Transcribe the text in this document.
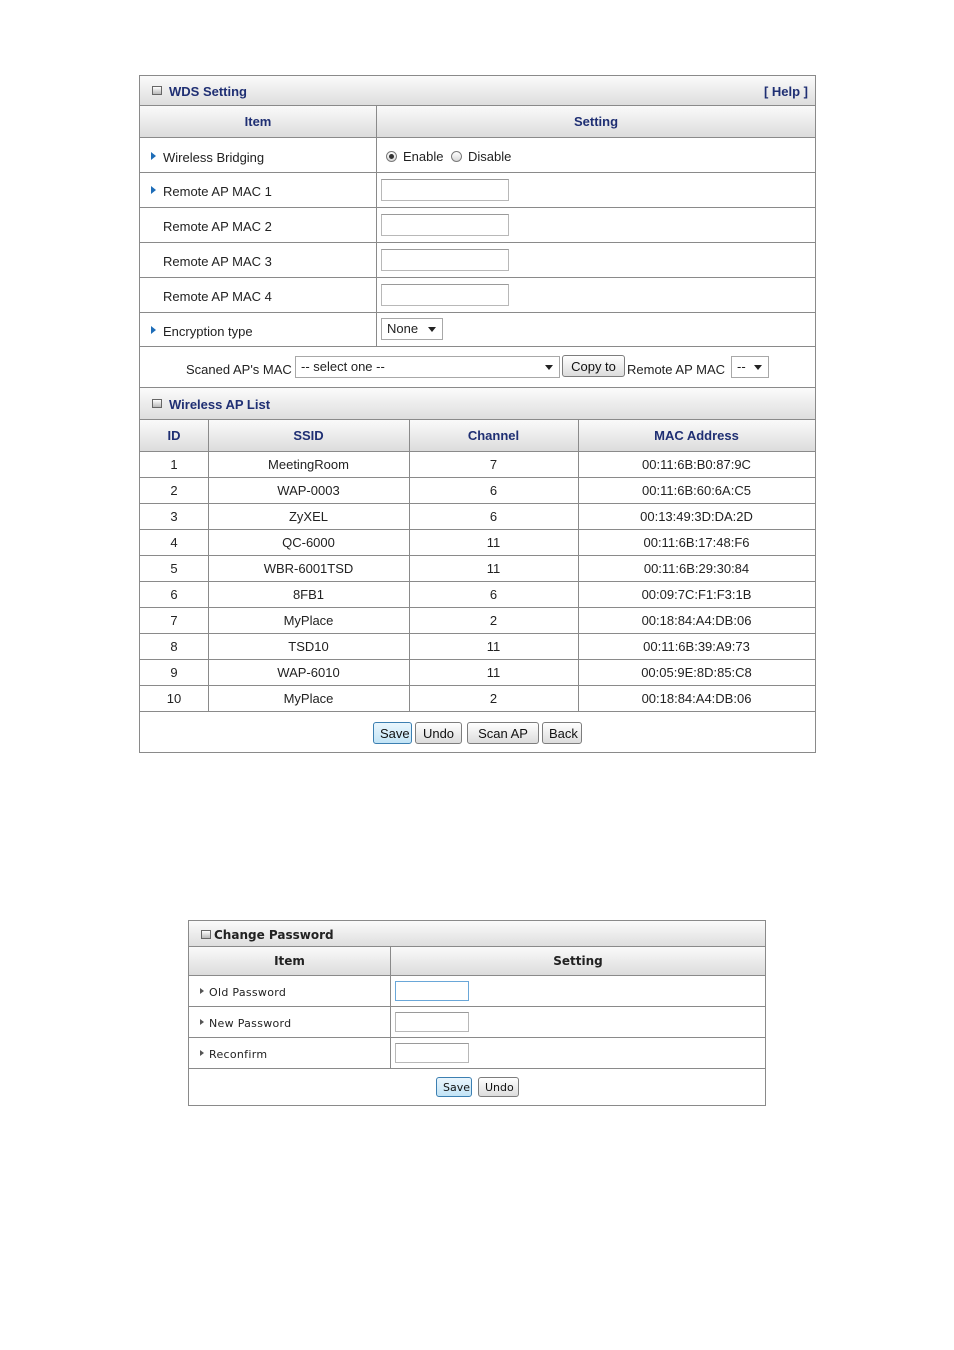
WDS Setting	[ Help ]
Item	Setting
Wireless Bridging	Enable Disable
Remote AP MAC 1
Remote AP MAC 2
Remote AP MAC 3
Remote AP MAC 4
Encryption type	None
Scaned AP's MAC -- select one --	Copy to Remote AP MAC --
Wireless AP List
ID	SSID	Channel	MAC Address
1	MeetingRoom	7	00:11:6B:B0:87:9C
2	WAP-0003	6	00:11:6B:60:6A:C5
3	ZyXEL	6	00:13:49:3D:DA:2D
4	QC-6000	11	00:11:6B:17:48:F6
5	WBR-6001TSD	11	00:11:6B:29:30:84
6	8FB1	6	00:09:7C:F1:F3:1B
7	MyPlace	2	00:18:84:A4:DB:06
8	TSD10	11	00:11:6B:39:A9:73
9	WAP-6010	11	00:05:9E:8D:85:C8
10	MyPlace	2	00:18:84:A4:DB:06
Save	Undo	Scan AP	Back
Change Password
Item	Setting
Old Password
New Password
Reconfirm
Save	Undo
